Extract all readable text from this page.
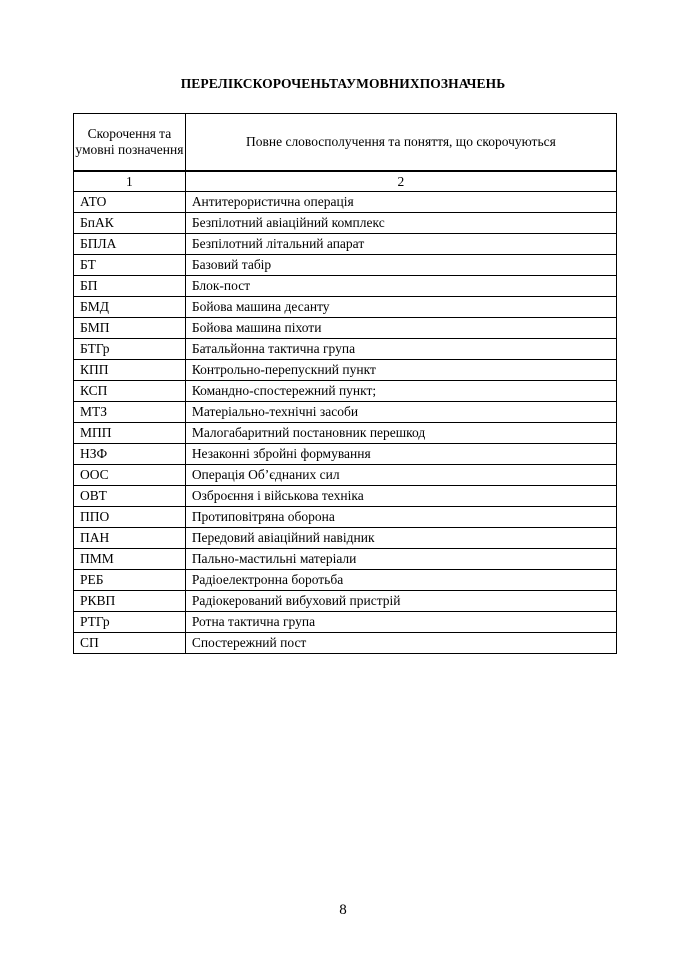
ПЕРЕЛІКСКОРОЧЕНЬТАУМОВНИХПОЗНАЧЕНЬ
Скорочення та умовні позначення	Повне словосполучення та поняття, що скорочуються
1	2
АТО	Антитерористична операція
БпАК	Безпілотний авіаційний комплекс
БПЛА	Безпілотний літальний апарат
БТ	Базовий табір
БП	Блок-пост
БМД	Бойова машина десанту
БМП	Бойова машина піхоти
БТГр	Батальйонна тактична група
КПП	Контрольно-перепускний пункт
КСП	Командно-спостережний пункт;
МТЗ	Матеріально-технічні засоби
МПП	Малогабаритний постановник перешкод
НЗФ	Незаконні збройні формування
ООС	Операція Об’єднаних сил
ОВТ	Озброєння і військова техніка
ППО	Протиповітряна оборона
ПАН	Передовий авіаційний навідник
ПММ	Пально-мастильні матеріали
РЕБ	Радіоелектронна боротьба
РКВП	Радіокерований вибуховий пристрій
РТГр	Ротна тактична група
СП	Спостережний пост
8
